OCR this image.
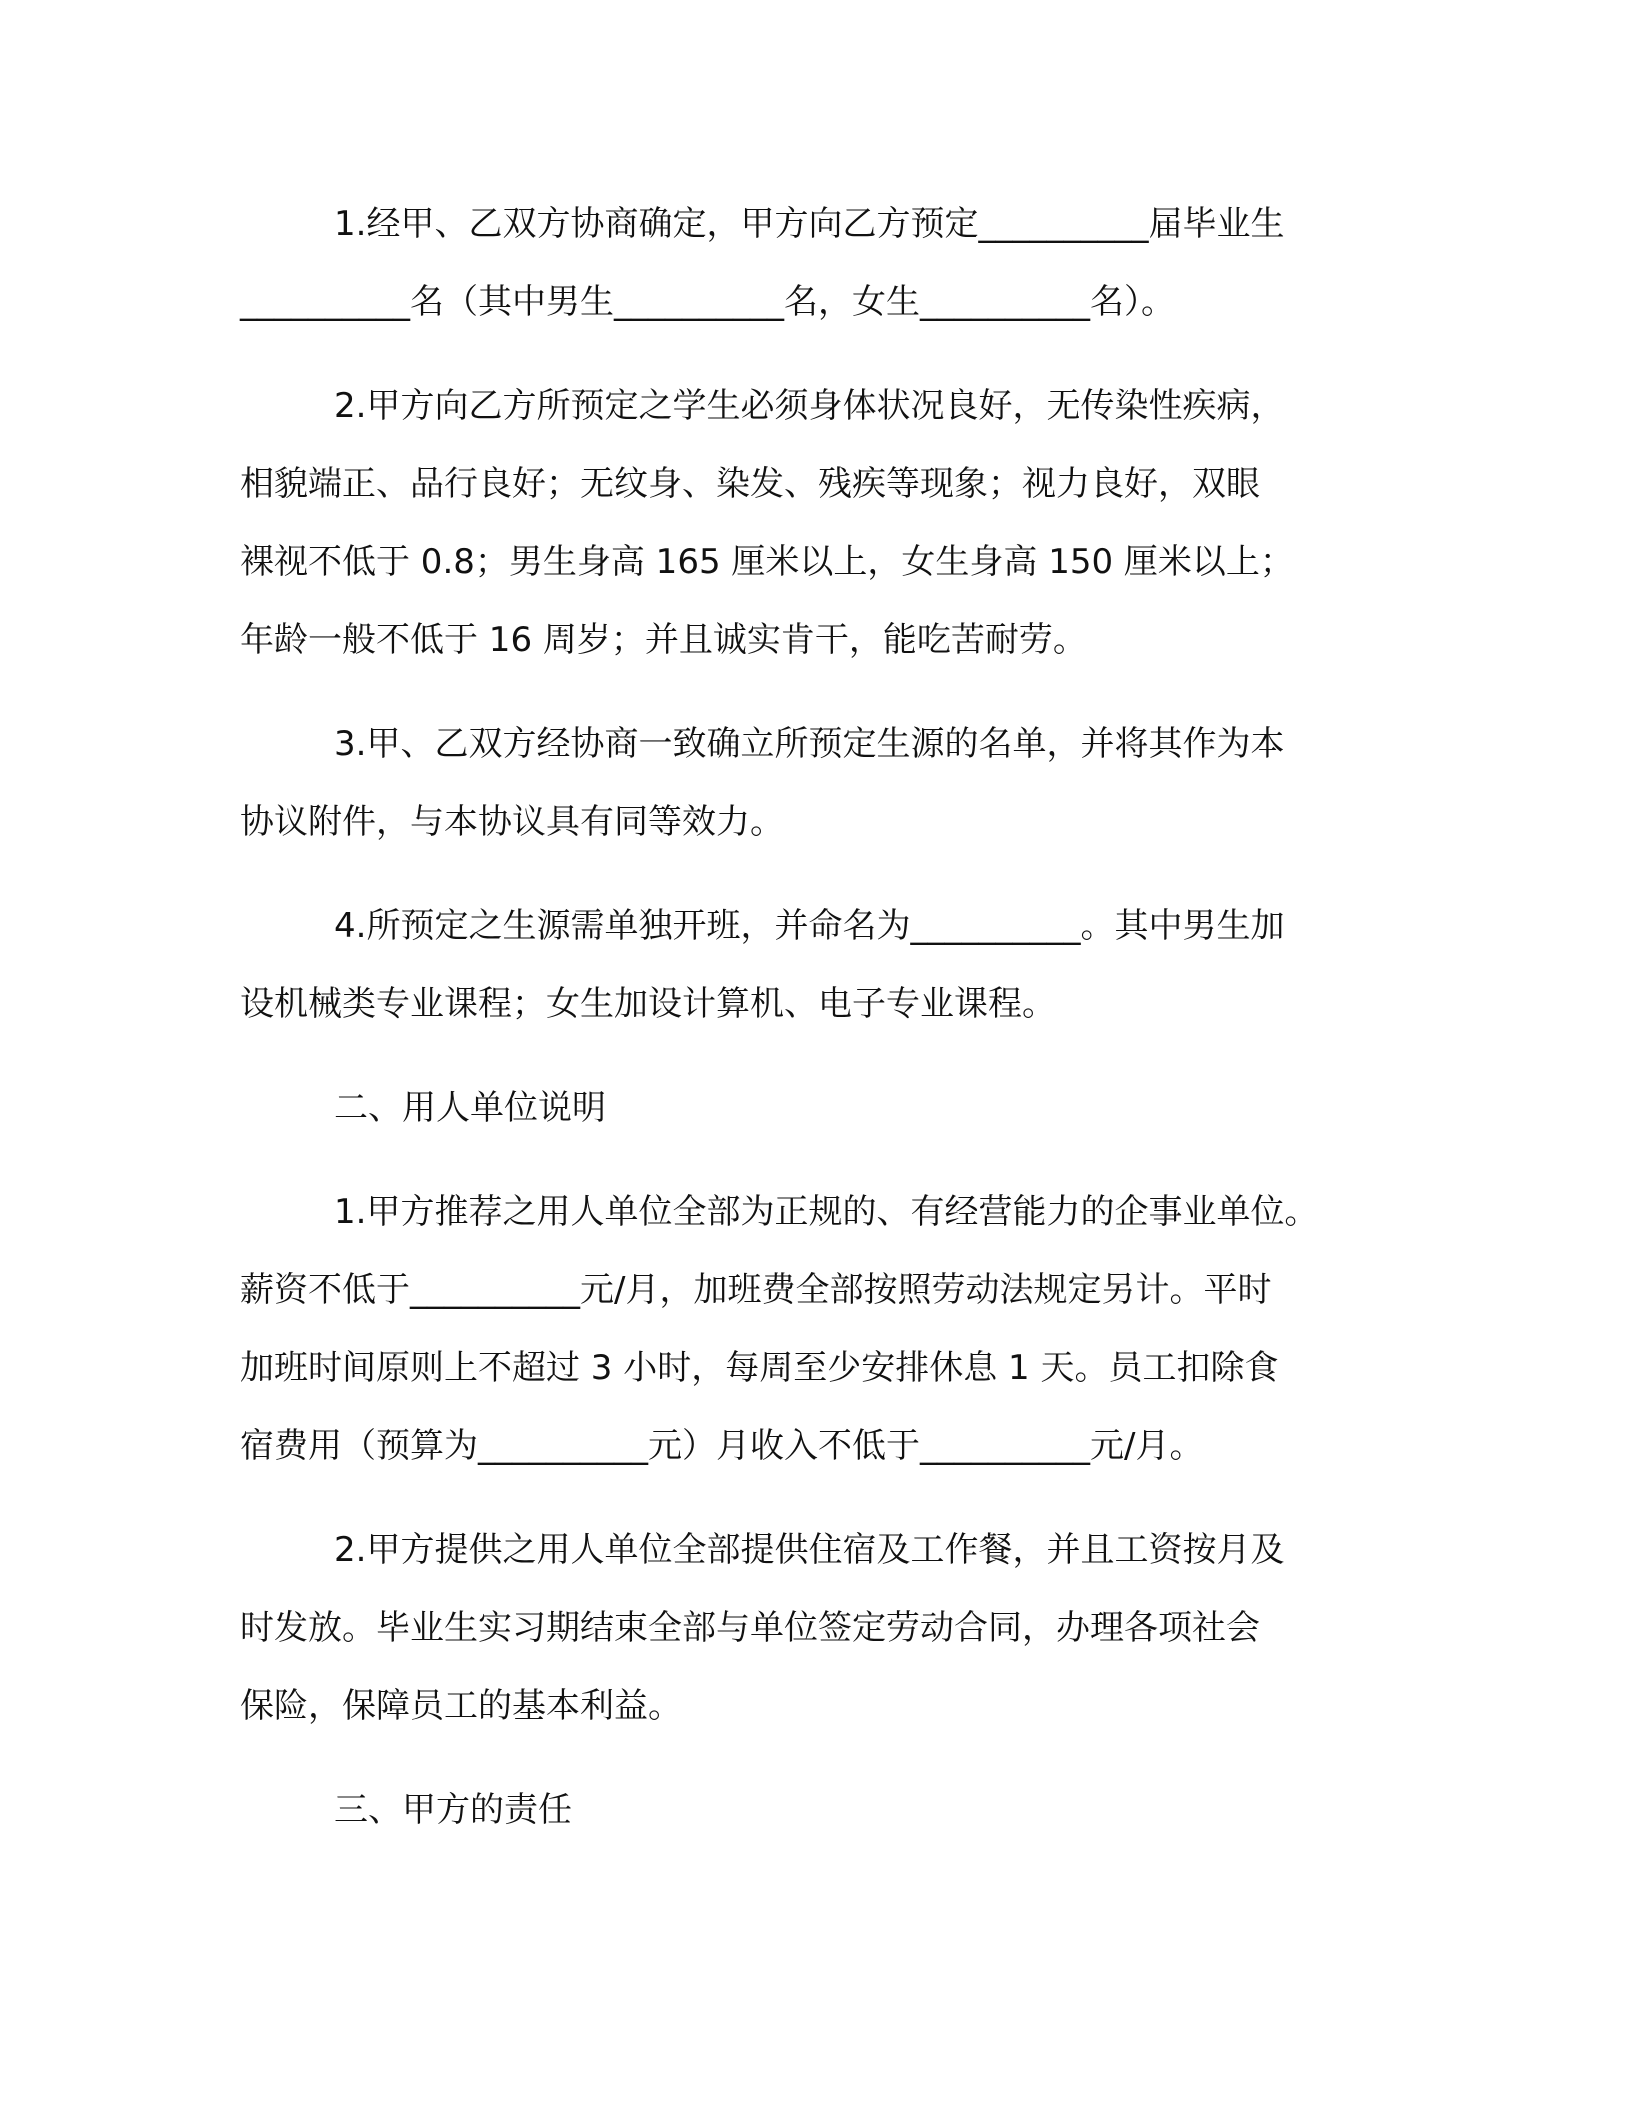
1.经甲、乙双方协商确定，甲方向乙方预定__________届毕业生
__________名（其中男生__________名，女生__________名）。
2.甲方向乙方所预定之学生必须身体状况良好，无传染性疾病，
相貌端正、品行良好；无纹身、染发、残疾等现象；视力良好，双眼
裸视不低于 0.8；男生身高 165 厘米以上，女生身高 150 厘米以上；
年龄一般不低于 16 周岁；并且诚实肯干，能吃苦耐劳。
3.甲、乙双方经协商一致确立所预定生源的名单，并将其作为本
协议附件，与本协议具有同等效力。
4.所预定之生源需单独开班，并命名为__________。其中男生加
设机械类专业课程；女生加设计算机、电子专业课程。
二、用人单位说明
1.甲方推荐之用人单位全部为正规的、有经营能力的企事业单位。
薪资不低于__________元/月，加班费全部按照劳动法规定另计。平时
加班时间原则上不超过 3 小时，每周至少安排休息 1 天。员工扣除食
宿费用（预算为__________元）月收入不低于__________元/月。
2.甲方提供之用人单位全部提供住宿及工作餐，并且工资按月及
时发放。毕业生实习期结束全部与单位签定劳动合同，办理各项社会
保险，保障员工的基本利益。
三、甲方的责任
